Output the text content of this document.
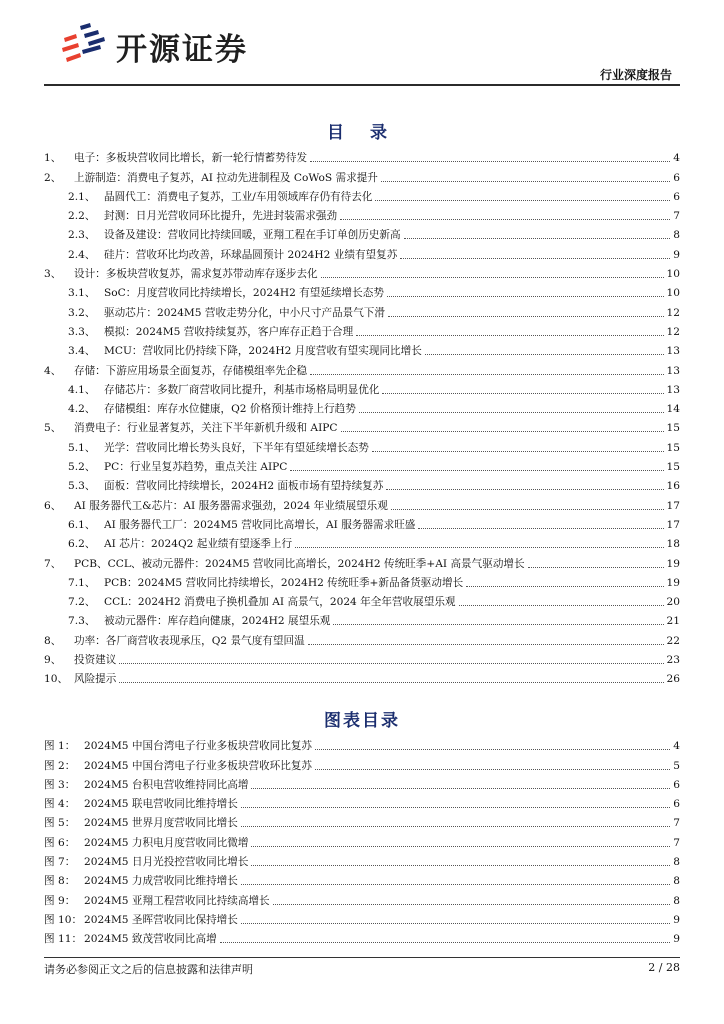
开源证券
行业深度报告
目 录
1、	电子：多板块营收同比增长，新一轮行情蓄势待发	4
2、	上游制造：消费电子复苏，AI 拉动先进制程及 CoWoS 需求提升	6
2.1、 晶圆代工：消费电子复苏，工业/车用领域库存仍有待去化	6
2.2、 封测：日月光营收同环比提升，先进封装需求强劲	7
2.3、 设备及建设：营收同比持续回暖，亚翔工程在手订单创历史新高	8
2.4、 硅片：营收环比均改善，环球晶圆预计 2024H2 业绩有望复苏	9
3、	设计：多板块营收复苏，需求复苏带动库存逐步去化	10
3.1、 SoC：月度营收同比持续增长，2024H2 有望延续增长态势	10
3.2、 驱动芯片：2024M5 营收走势分化，中小尺寸产品景气下滑	12
3.3、 模拟：2024M5 营收持续复苏，客户库存正趋于合理	12
3.4、 MCU：营收同比仍持续下降，2024H2 月度营收有望实现同比增长	13
4、	存储：下游应用场景全面复苏，存储模组率先企稳	13
4.1、 存储芯片：多数厂商营收同比提升，利基市场格局明显优化	13
4.2、 存储模组：库存水位健康，Q2 价格预计维持上行趋势	14
5、	消费电子：行业显著复苏，关注下半年新机升级和 AIPC	15
5.1、 光学：营收同比增长势头良好，下半年有望延续增长态势	15
5.2、 PC：行业呈复苏趋势，重点关注 AIPC	15
5.3、 面板：营收同比持续增长，2024H2 面板市场有望持续复苏	16
6、	AI 服务器代工&芯片：AI 服务器需求强劲，2024 年业绩展望乐观	17
6.1、 AI 服务器代工厂：2024M5 营收同比高增长，AI 服务器需求旺盛	17
6.2、 AI 芯片：2024Q2 起业绩有望逐季上行	18
7、	PCB、CCL、被动元器件：2024M5 营收同比高增长，2024H2 传统旺季+AI 高景气驱动增长	19
7.1、 PCB：2024M5 营收同比持续增长，2024H2 传统旺季+新品备货驱动增长	19
7.2、 CCL：2024H2 消费电子换机叠加 AI 高景气，2024 年全年营收展望乐观	20
7.3、 被动元器件：库存趋向健康，2024H2 展望乐观	21
8、	功率：各厂商营收表现承压，Q2 景气度有望回温	22
9、	投资建议	23
10、 风险提示	26
图表目录
图 1： 2024M5 中国台湾电子行业多板块营收同比复苏	4
图 2： 2024M5 中国台湾电子行业多板块营收环比复苏	5
图 3： 2024M5 台积电营收维持同比高增	6
图 4： 2024M5 联电营收同比维持增长	6
图 5： 2024M5 世界月度营收同比增长	7
图 6： 2024M5 力积电月度营收同比微增	7
图 7： 2024M5 日月光投控营收同比增长	8
图 8： 2024M5 力成营收同比维持增长	8
图 9： 2024M5 亚翔工程营收同比持续高增长	8
图 10： 2024M5 圣晖营收同比保持增长	9
图 11： 2024M5 致茂营收同比高增	9
请务必参阅正文之后的信息披露和法律声明	2 / 28
